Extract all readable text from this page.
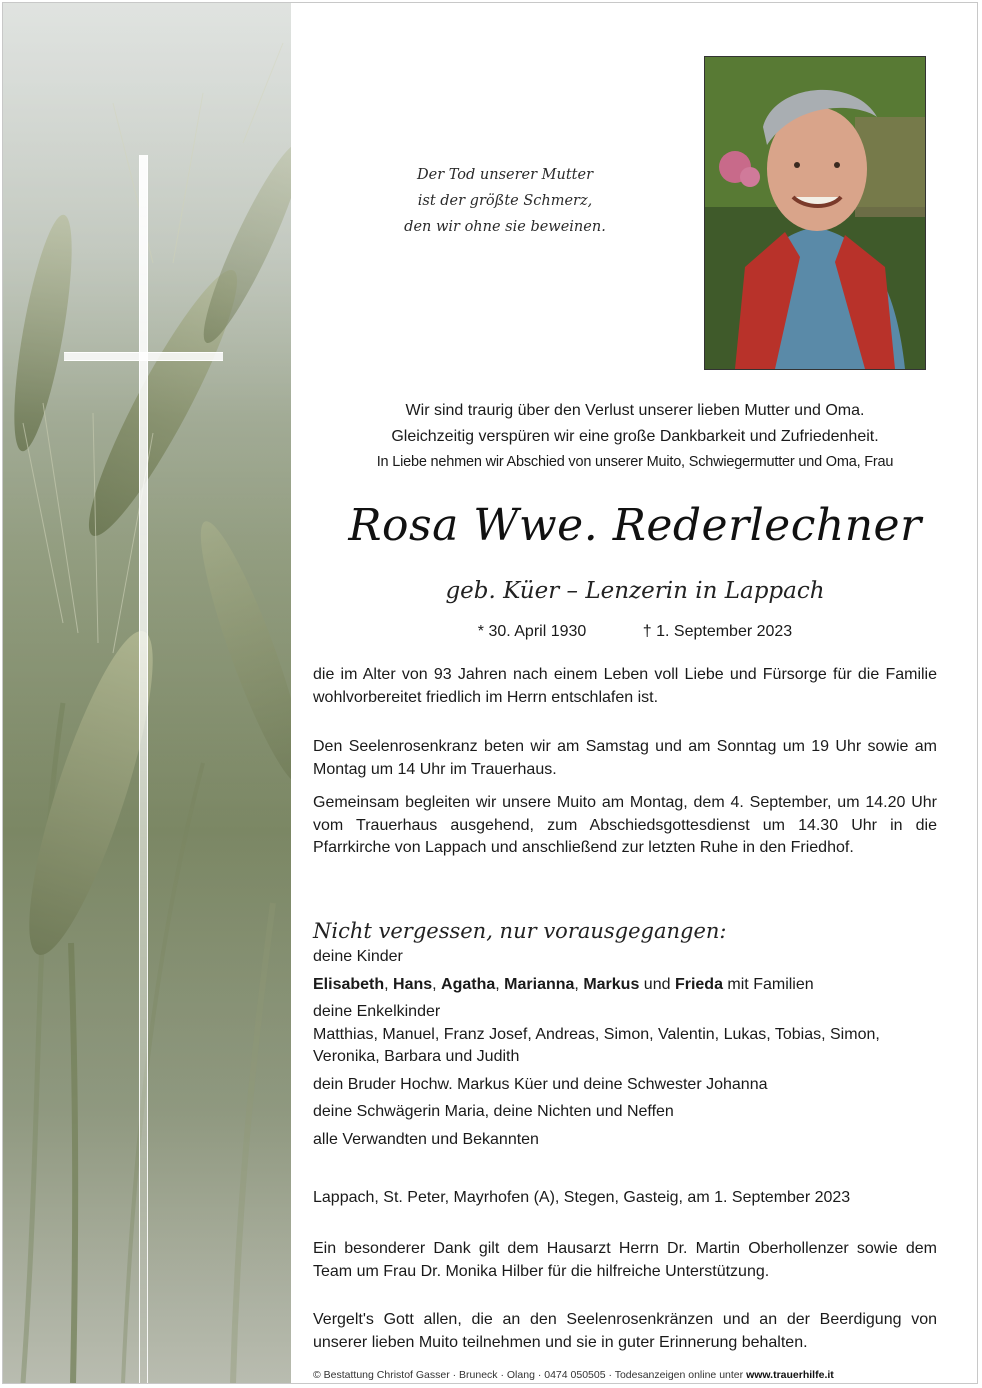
Der Tod unserer Mutter
ist der größte Schmerz,
den wir ohne sie beweinen.
Wir sind traurig über den Verlust unserer lieben Mutter und Oma.
Gleichzeitig verspüren wir eine große Dankbarkeit und Zufriedenheit.
In Liebe nehmen wir Abschied von unserer Muito, Schwiegermutter und Oma, Frau
Rosa Wwe. Rederlechner
geb. Küer – Lenzerin in Lappach
* 30. April 1930	† 1. September 2023

die im Alter von 93 Jahren nach einem Leben voll Liebe und Fürsorge für die Familie wohlvorbereitet friedlich im Herrn entschlafen ist.

Den Seelenrosenkranz beten wir am Samstag und am Sonntag um 19 Uhr sowie am Montag um 14 Uhr im Trauerhaus.

Gemeinsam begleiten wir unsere Muito am Montag, dem 4. September, um 14.20 Uhr vom Trauerhaus ausgehend, zum Abschiedsgottesdienst um 14.30 Uhr in die Pfarrkirche von Lappach und anschließend zur letzten Ruhe in den Friedhof.

Nicht vergessen, nur vorausgegangen:
deine Kinder
Elisabeth, Hans, Agatha, Marianna, Markus und Frieda mit Familien
deine Enkelkinder
Matthias, Manuel, Franz Josef, Andreas, Simon, Valentin, Lukas, Tobias, Simon, Veronika, Barbara und Judith
dein Bruder Hochw. Markus Küer und deine Schwester Johanna
deine Schwägerin Maria, deine Nichten und Neffen
alle Verwandten und Bekannten
Lappach, St. Peter, Mayrhofen (A), Stegen, Gasteig, am 1. September 2023

Ein besonderer Dank gilt dem Hausarzt Herrn Dr. Martin Oberhollenzer sowie dem Team um Frau Dr. Monika Hilber für die hilfreiche Unterstützung.

Vergelt's Gott allen, die an den Seelenrosenkränzen und an der Beerdigung von unserer lieben Muito teilnehmen und sie in guter Erinnerung behalten.

© Bestattung Christof Gasser · Bruneck · Olang · 0474 050505 · Todesanzeigen online unter www.trauerhilfe.it
